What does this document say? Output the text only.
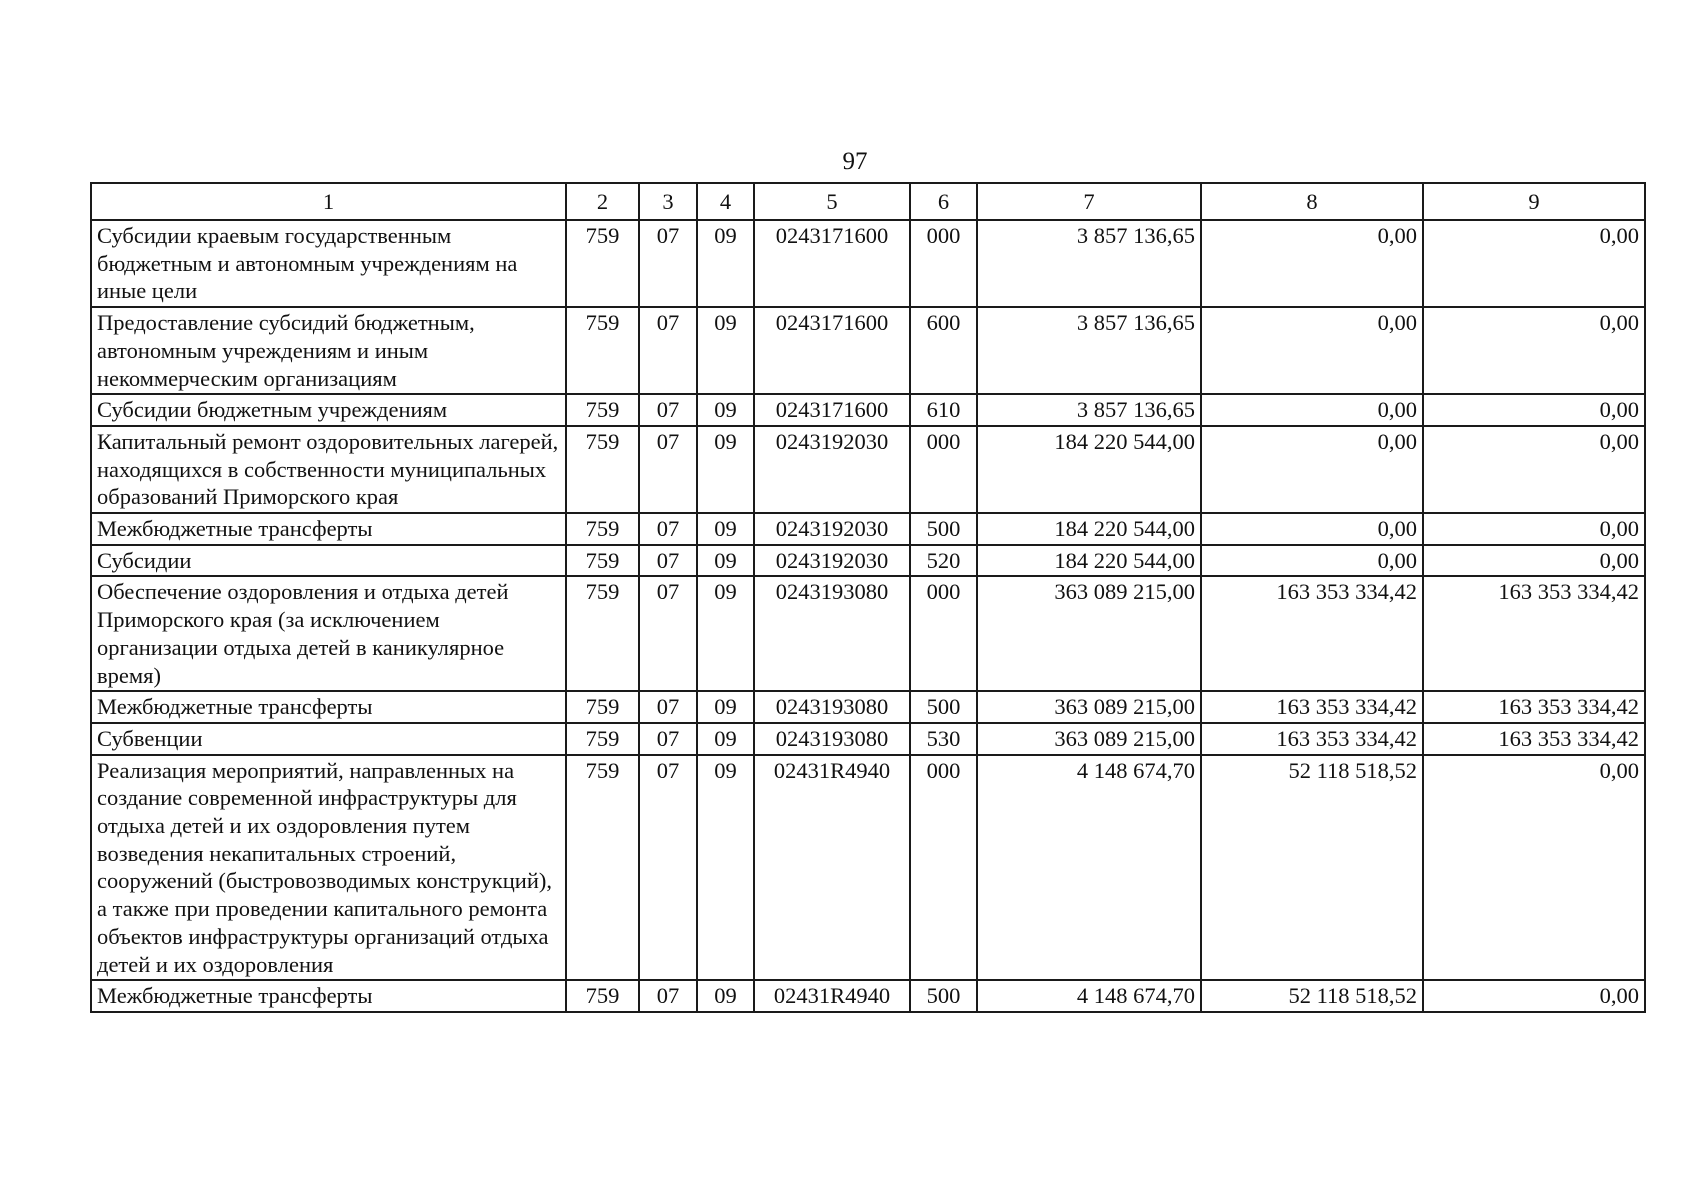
97
1	2	3	4	5	6	7	8	9
Субсидии краевым государственным бюджетным и автономным учреждениям на иные цели	759	07	09	0243171600	000	3 857 136,65	0,00	0,00
Предоставление субсидий бюджетным, автономным учреждениям и иным некоммерческим организациям	759	07	09	0243171600	600	3 857 136,65	0,00	0,00
Субсидии бюджетным учреждениям	759	07	09	0243171600	610	3 857 136,65	0,00	0,00
Капитальный ремонт оздоровительных лагерей, находящихся в собственности муниципальных образований Приморского края	759	07	09	0243192030	000	184 220 544,00	0,00	0,00
Межбюджетные трансферты	759	07	09	0243192030	500	184 220 544,00	0,00	0,00
Субсидии	759	07	09	0243192030	520	184 220 544,00	0,00	0,00
Обеспечение оздоровления и отдыха детей Приморского края (за исключением организации отдыха детей в каникулярное время)	759	07	09	0243193080	000	363 089 215,00	163 353 334,42	163 353 334,42
Межбюджетные трансферты	759	07	09	0243193080	500	363 089 215,00	163 353 334,42	163 353 334,42
Субвенции	759	07	09	0243193080	530	363 089 215,00	163 353 334,42	163 353 334,42
Реализация мероприятий, направленных на создание современной инфраструктуры для отдыха детей и их оздоровления путем возведения некапитальных строений, сооружений (быстровозводимых конструкций), а также при проведении капитального ремонта объектов инфраструктуры организаций отдыха детей и их оздоровления	759	07	09	02431R4940	000	4 148 674,70	52 118 518,52	0,00
Межбюджетные трансферты	759	07	09	02431R4940	500	4 148 674,70	52 118 518,52	0,00
